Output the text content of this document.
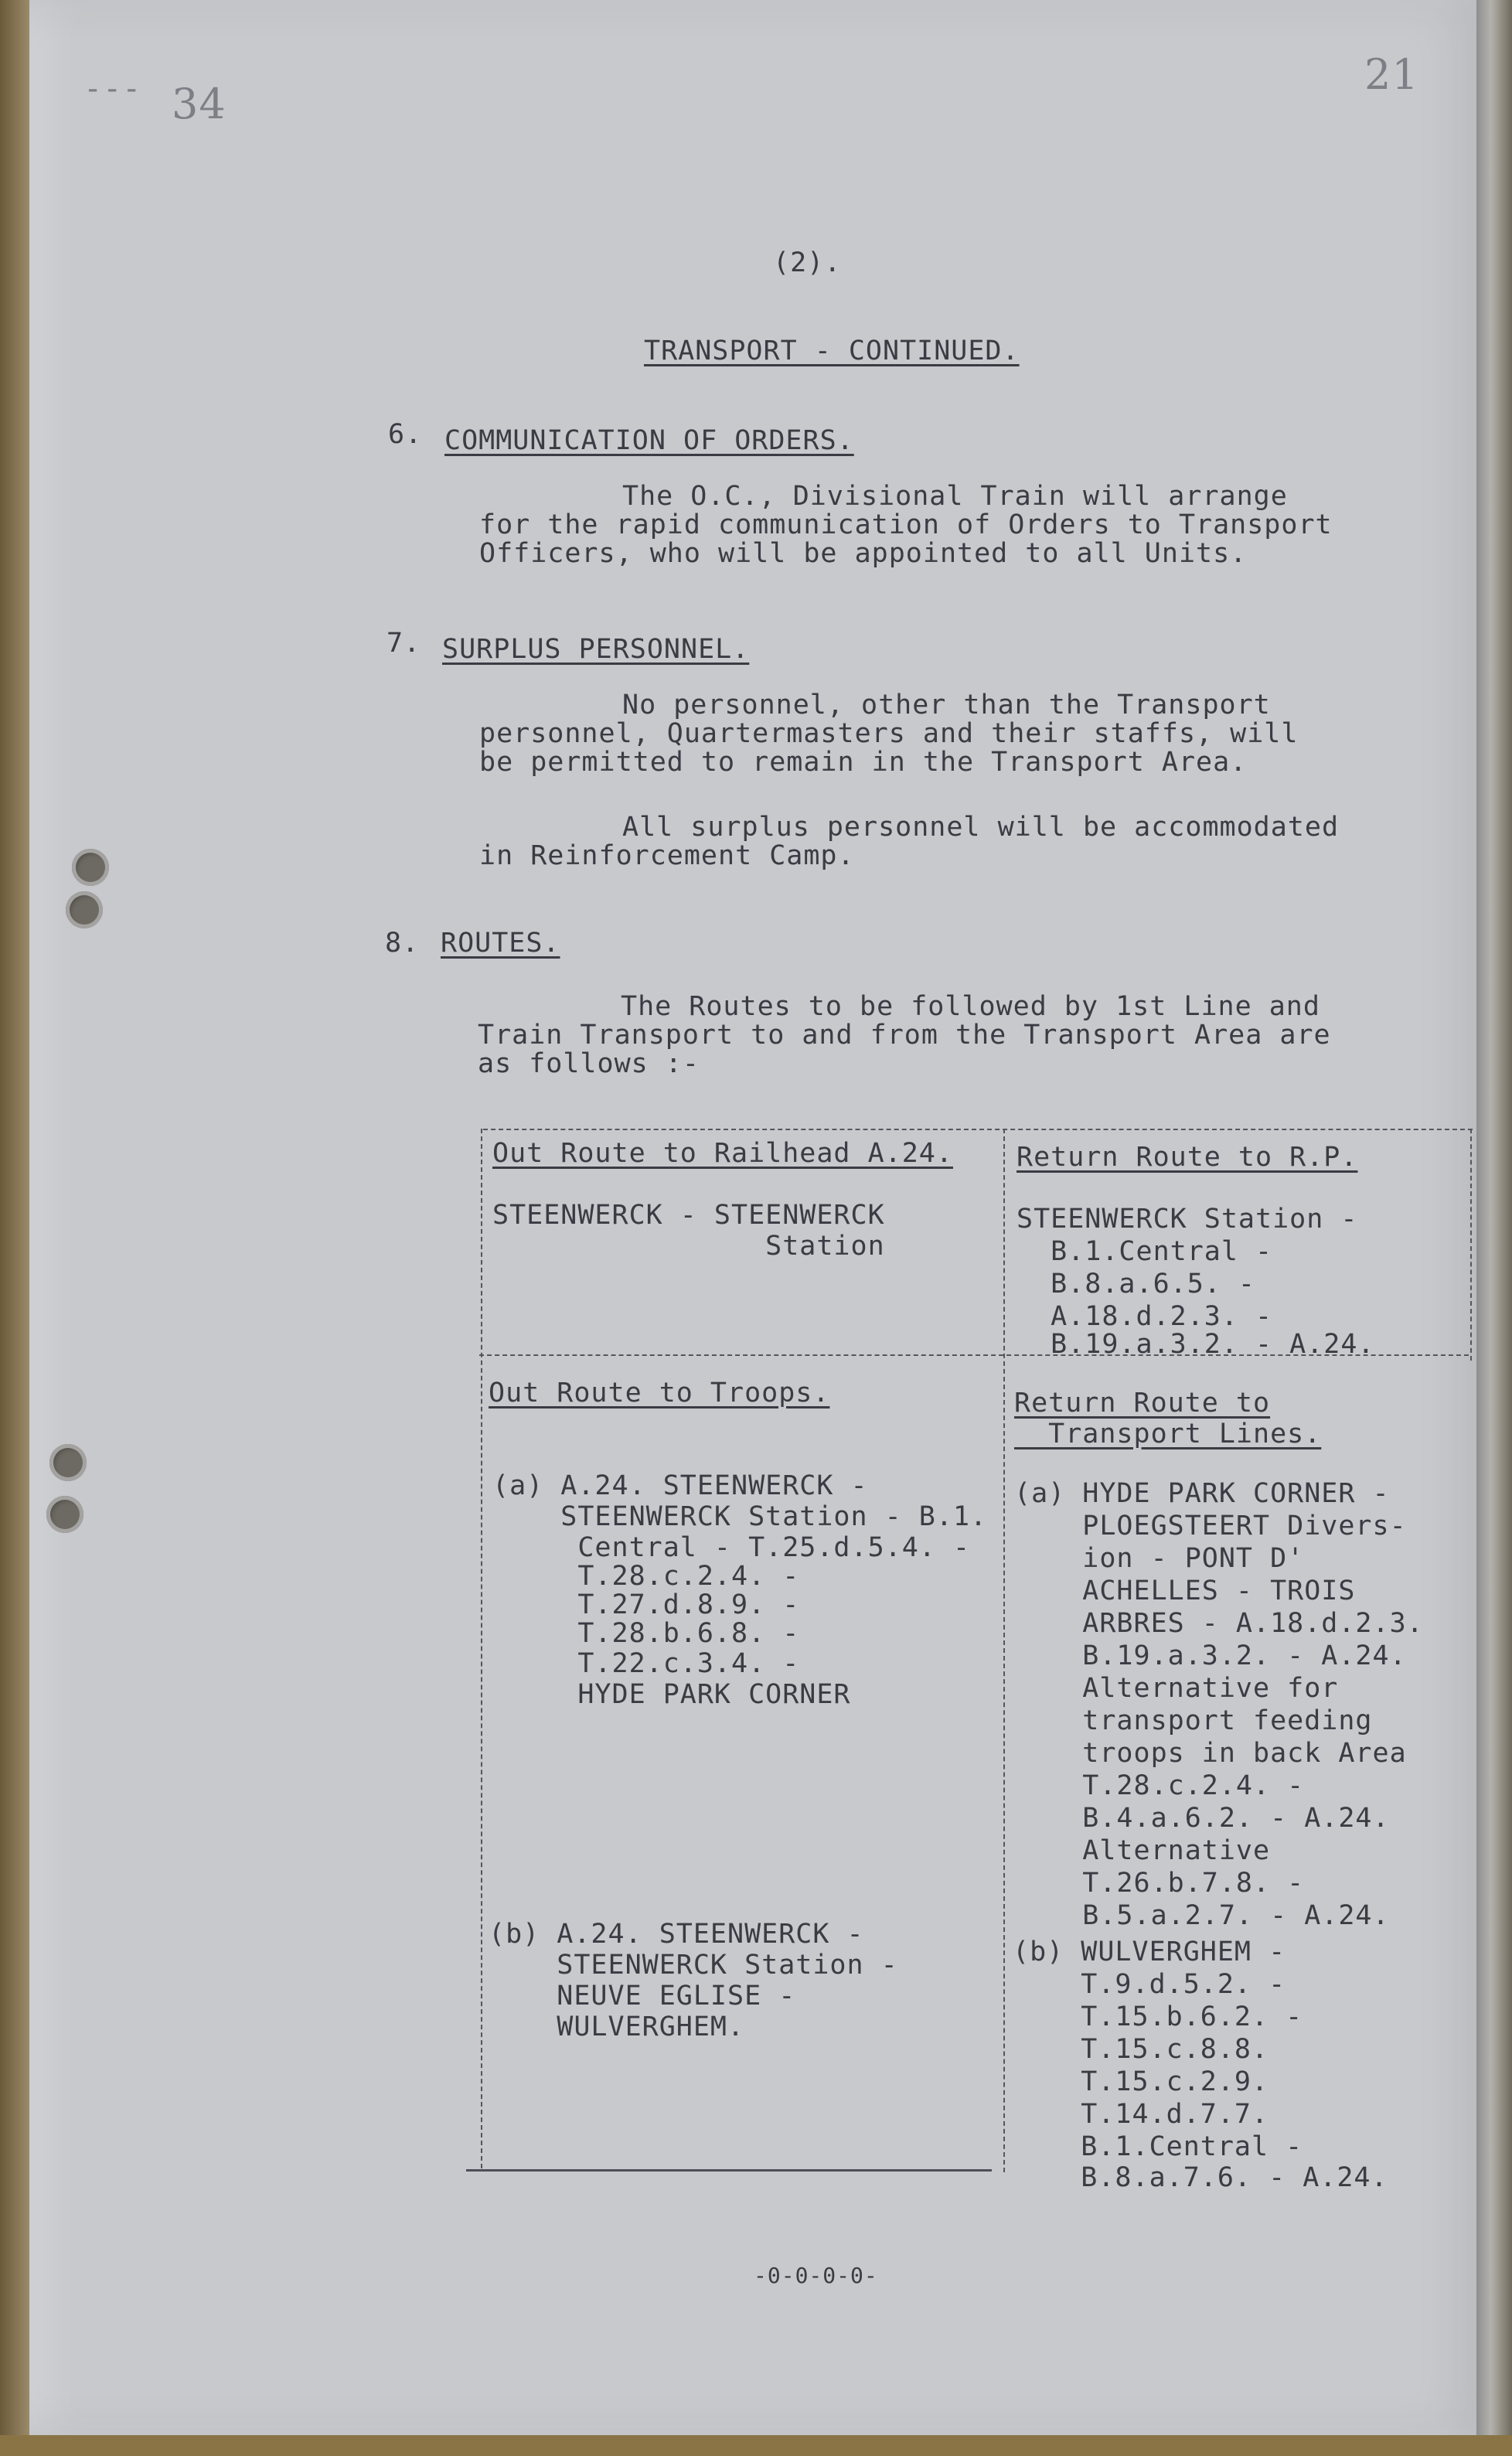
--- 34
21
(2).
TRANSPORT - CONTINUED.
6. COMMUNICATION OF ORDERS.
The O.C., Divisional Train will arrange
for the rapid communication of Orders to Transport
Officers, who will be appointed to all Units.
7. SURPLUS PERSONNEL.
No personnel, other than the Transport
personnel, Quartermasters and their staffs, will
be permitted to remain in the Transport Area.
All surplus personnel will be accommodated
in Reinforcement Camp.
8. ROUTES.
The Routes to be followed by 1st Line and
Train Transport to and from the Transport Area are
as follows :-
Out Route to Railhead A.24.
STEENWERCK - STEENWERCK
Station
Return Route to R.P.
STEENWERCK Station -
B.1.Central -
B.8.a.6.5. -
A.18.d.2.3. -
B.19.a.3.2. - A.24.
Out Route to Troops.	Return Route to
Transport Lines.
(a) A.24. STEENWERCK -
STEENWERCK Station - B.1.
Central - T.25.d.5.4. -
T.28.c.2.4. -
T.27.d.8.9. -
T.28.b.6.8. -
T.22.c.3.4. -
HYDE PARK CORNER
(b) A.24. STEENWERCK -
STEENWERCK Station -
NEUVE EGLISE -
WULVERGHEM.
(a) HYDE PARK CORNER -
PLOEGSTEERT Divers-
ion - PONT D'
ACHELLES - TROIS
ARBRES - A.18.d.2.3.
B.19.a.3.2. - A.24.
Alternative for
transport feeding
troops in back Area
T.28.c.2.4. -
B.4.a.6.2. - A.24.
Alternative
T.26.b.7.8. -
B.5.a.2.7. - A.24.
(b) WULVERGHEM -
T.9.d.5.2. -
T.15.b.6.2. -
T.15.c.8.8.
T.15.c.2.9.
T.14.d.7.7.
B.1.Central -
B.8.a.7.6. - A.24.
-0-0-0-0-
